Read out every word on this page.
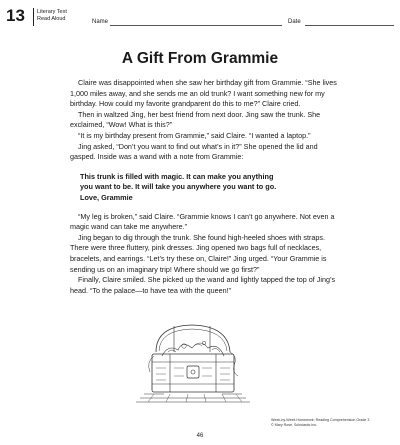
13 Literary Text
Read Aloud
Name	Date
A Gift From Grammie

Claire was disappointed when she saw her birthday gift from Grammie. “She lives 1,000 miles away, and she sends me an old trunk? I want something new for my birthday. How could my favorite grandparent do this to me?” Claire cried.

Then in waltzed Jing, her best friend from next door. Jing saw the trunk. She exclaimed, “Wow! What is this?”

“It is my birthday present from Grammie,” said Claire. “I wanted a laptop.”

Jing asked, “Don’t you want to find out what’s in it?” She opened the lid and gasped. Inside was a wand with a note from Grammie:

This trunk is filled with magic. It can make you anything

you want to be. It will take you anywhere you want to go.

Love, Grammie

“My leg is broken,” said Claire. “Grammie knows I can’t go anywhere. Not even a magic wand can take me anywhere.”

Jing began to dig through the trunk. She found high-heeled shoes with straps. There were three fluttery, pink dresses. Jing opened two bags full of necklaces, bracelets, and earrings. “Let’s try these on, Claire!” Jing urged. “Your Grammie is sending us on an imaginary trip! Where should we go first?”

Finally, Claire smiled. She picked up the wand and lightly tapped the top of Jing’s head. “To the palace—to have tea with the queen!”

Week-by-Week Homework: Reading Comprehension Grade 3
© Mary Rose, Scholastic Inc.
46
